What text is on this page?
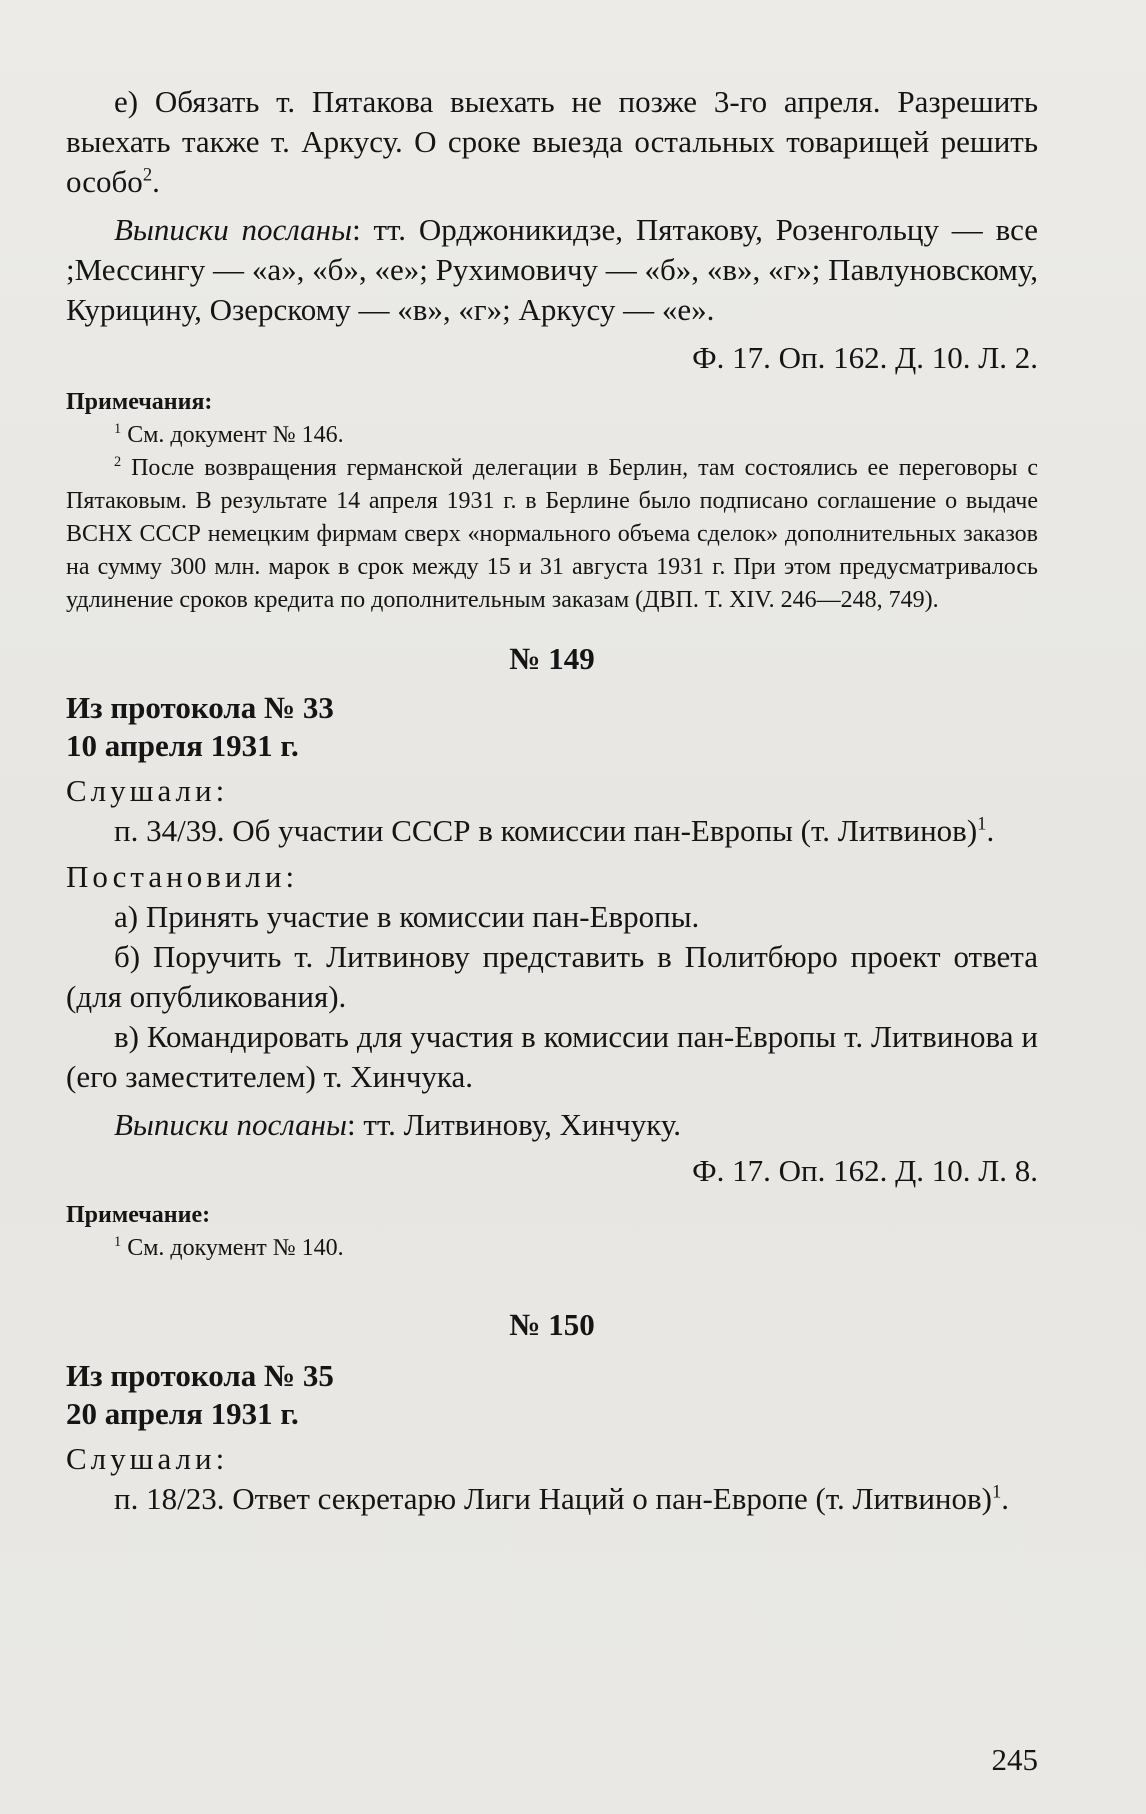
е) Обязать т. Пятакова выехать не позже 3-го апреля. Разрешить выехать также т. Аркусу. О сроке выезда остальных товарищей решить особо$^2$.

Выписки посланы: тт. Орджоникидзе, Пятакову, Розенгольцу — все ;Мессингу — «а», «б», «е»; Рухимовичу — «б», «в», «г»; Павлуновскому, Курицину, Озерскому — «в», «г»; Аркусу — «е».

Ф. 17. Оп. 162. Д. 10. Л. 2.

Примечания:

$^1$ См. документ № 146.

$^2$ После возвращения германской делегации в Берлин, там состоялись ее переговоры с Пятаковым. В результате 14 апреля 1931 г. в Берлине было подписано соглашение о выдаче ВСНХ СССР немецким фирмам сверх «нормального объема сделок» дополнительных заказов на сумму 300 млн. марок в срок между 15 и 31 августа 1931 г. При этом предусматривалось удлинение сроков кредита по дополнительным заказам (ДВП. Т. XIV. 246—248, 749).

№ 149

Из протокола № 33

10 апреля 1931 г.

Слушали:

п. 34/39. Об участии СССР в комиссии пан-Европы (т. Литвинов)$^1$.

Постановили:

а) Принять участие в комиссии пан-Европы.

б) Поручить т. Литвинову представить в Политбюро проект ответа (для опубликования).

в) Командировать для участия в комиссии пан-Европы т. Литвинова и (его заместителем) т. Хинчука.

Выписки посланы: тт. Литвинову, Хинчуку.

Ф. 17. Оп. 162. Д. 10. Л. 8.

Примечание:

$^1$ См. документ № 140.

№ 150

Из протокола № 35

20 апреля 1931 г.

Слушали:

п. 18/23. Ответ секретарю Лиги Наций о пан-Европе (т. Литвинов)$^1$.

245
